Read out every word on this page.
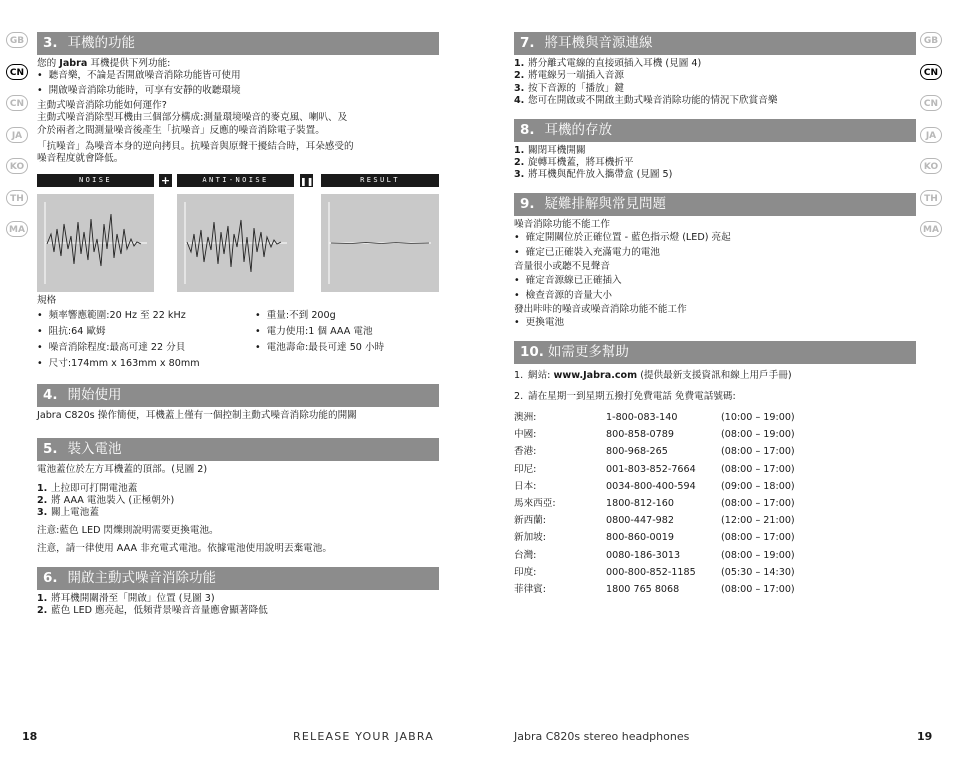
GB
CN
CN
JA
KO
TH
MA
3. 耳機的功能
您的 Jabra 耳機提供下列功能:
• 聽音樂，不論是否開啟噪音消除功能皆可使用
• 開啟噪音消除功能時，可享有安靜的收聽環境
主動式噪音消除功能如何運作?
主動式噪音消除型耳機由三個部分構成:測量環境噪音的麥克風、喇叭、及
介於兩者之間測量噪音後產生「抗噪音」反應的噪音消除電子裝置。
「抗噪音」為噪音本身的逆向拷貝。抗噪音與原聲干擾結合時，耳朵感受的
噪音程度就會降低。
NOISE	+	ANTI-NOISE	❚❚	RESULT
規格
• 頻率響應範圍:20 Hz 至 22 kHz
• 阻抗:64 歐姆
• 噪音消除程度:最高可達 22 分貝
• 尺寸:174mm x 163mm x 80mm
• 重量:不到 200g
• 電力使用:1 個 AAA 電池
• 電池壽命:最長可達 50 小時
4. 開始使用
Jabra C820s 操作簡便，耳機蓋上僅有一個控制主動式噪音消除功能的開關
5. 裝入電池
電池蓋位於左方耳機蓋的頂部。(見圖 2)
1. 上拉即可打開電池蓋
2. 將 AAA 電池裝入 (正極朝外)
3. 關上電池蓋
注意:藍色 LED 閃爍則說明需要更換電池。
注意，請一律使用 AAA 非充電式電池。依據電池使用說明丟棄電池。
6. 開啟主動式噪音消除功能
1. 將耳機開關滑至「開啟」位置 (見圖 3)
2. 藍色 LED 應亮起，低頻背景噪音音量應會顯著降低
18	RELEASE YOUR JABRA
7. 將耳機與音源連線
1. 將分離式電線的直接頭插入耳機 (見圖 4)
2. 將電線另一端插入音源
3. 按下音源的「播放」鍵
4. 您可在開啟或不開啟主動式噪音消除功能的情況下欣賞音樂
8. 耳機的存放
1. 關閉耳機開關
2. 旋轉耳機蓋，將耳機折平
3. 將耳機與配件放入攜帶盒 (見圖 5)
9. 疑難排解與常見問題
噪音消除功能不能工作
• 確定開關位於正確位置 - 藍色指示燈 (LED) 亮起
• 確定已正確裝入充滿電力的電池
音量很小或聽不見聲音
• 確定音源線已正確插入
• 檢查音源的音量大小
發出咔咔的噪音或噪音消除功能不能工作
• 更換電池
10. 如需更多幫助
1. 網站: www.Jabra.com (提供最新支援資訊和線上用戶手冊)
2. 請在星期一到星期五撥打免費電話 免費電話號碼:
澳洲:	1-800-083-140	(10:00 – 19:00)
中國:	800-858-0789	(08:00 – 19:00)
香港:	800-968-265	(08:00 – 17:00)
印尼:	001-803-852-7664	(08:00 – 17:00)
日本:	0034-800-400-594	(09:00 – 18:00)
馬來西亞:	1800-812-160	(08:00 – 17:00)
新西蘭:	0800-447-982	(12:00 – 21:00)
新加坡:	800-860-0019	(08:00 – 17:00)
台灣:	0080-186-3013	(08:00 – 19:00)
印度:	000-800-852-1185	(05:30 – 14:30)
菲律賓:	1800 765 8068	(08:00 – 17:00)
GB
CN
CN
JA
KO
TH
MA
Jabra C820s stereo headphones	19
